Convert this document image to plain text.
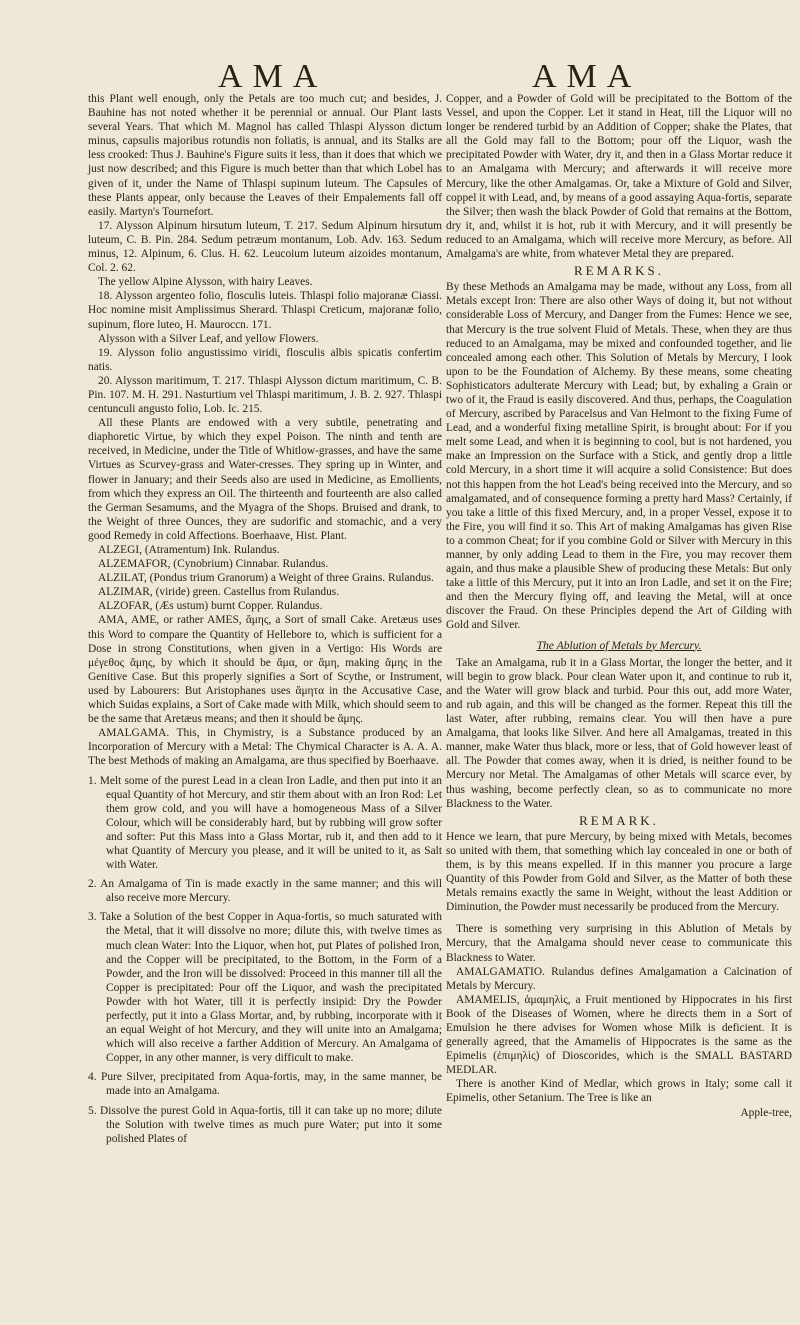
AMA	AMA

this Plant well enough, only the Petals are too much cut; and besides, J. Bauhine has not noted whether it be perennial or annual. Our Plant lasts several Years. That which M. Magnol has called Thlaspi Alysson dictum minus, capsulis majoribus rotundis non foliatis, is annual, and its Stalks are less crooked: Thus J. Bauhine's Figure suits it less, than it does that which we just now described; and this Figure is much better than that which Lobel has given of it, under the Name of Thlaspi supinum luteum. The Capsules of these Plants appear, only because the Leaves of their Empalements fall off easily. Martyn's Tournefort.

17. Alysson Alpinum hirsutum luteum, T. 217. Sedum Alpinum hirsutum luteum, C. B. Pin. 284. Sedum petræum montanum, Lob. Adv. 163. Sedum minus, 12. Alpinum, 6. Clus. H. 62. Leucoium luteum aizoides montanum, Col. 2. 62.

The yellow Alpine Alysson, with hairy Leaves.

18. Alysson argenteo folio, flosculis luteis. Thlaspi folio majoranæ Ciassi. Hoc nomine misit Amplissimus Sherard. Thlaspi Creticum, majoranæ folio, supinum, flore luteo, H. Mauroccn. 171.

Alysson with a Silver Leaf, and yellow Flowers.

19. Alysson folio angustissimo viridi, flosculis albis spicatis confertim natis.

20. Alysson maritimum, T. 217. Thlaspi Alysson dictum maritimum, C. B. Pin. 107. M. H. 291. Nasturtium vel Thlaspi maritimum, J. B. 2. 927. Thlaspi centunculi angusto folio, Lob. Ic. 215.

All these Plants are endowed with a very subtile, penetrating and diaphoretic Virtue, by which they expel Poison. The ninth and tenth are received, in Medicine, under the Title of Whitlow-grasses, and have the same Virtues as Scurvey-grass and Water-cresses. They spring up in Winter, and flower in January; and their Seeds also are used in Medicine, as Emollients, from which they express an Oil. The thirteenth and fourteenth are also called the German Sesamums, and the Myagra of the Shops. Bruised and drank, to the Weight of three Ounces, they are sudorific and stomachic, and a very good Remedy in cold Affections. Boerhaave, Hist. Plant.

ALZEGI, (Atramentum) Ink. Rulandus.

ALZEMAFOR, (Cynobrium) Cinnabar. Rulandus.

ALZILAT, (Pondus trium Granorum) a Weight of three Grains. Rulandus.

ALZIMAR, (viride) green. Castellus from Rulandus.

ALZOFAR, (Æs ustum) burnt Copper. Rulandus.

AMA, AME, or rather AMES, ἄμης, a Sort of small Cake. Aretæus uses this Word to compare the Quantity of Hellebore to, which is sufficient for a Dose in strong Constitutions, when given in a Vertigo: His Words are μέγεθος ἄμης, by which it should be ἄμα, or ἄμη, making ἄμης in the Genitive Case. But this properly signifies a Sort of Scythe, or Instrument, used by Labourers: But Aristophanes uses ἄμητα in the Accusative Case, which Suidas explains, a Sort of Cake made with Milk, which should seem to be the same that Aretæus means; and then it should be ἄμης.

AMALGAMA. This, in Chymistry, is a Substance produced by an Incorporation of Mercury with a Metal: The Chymical Character is A. A. A. The best Methods of making an Amalgama, are thus specified by Boerhaave.

1. Melt some of the purest Lead in a clean Iron Ladle, and then put into it an equal Quantity of hot Mercury, and stir them about with an Iron Rod: Let them grow cold, and you will have a homogeneous Mass of a Silver Colour, which will be considerably hard, but by rubbing will grow softer and softer: Put this Mass into a Glass Mortar, rub it, and then add to it what Quantity of Mercury you please, and it will be united to it, as Salt with Water.

2. An Amalgama of Tin is made exactly in the same manner; and this will also receive more Mercury.

3. Take a Solution of the best Copper in Aqua-fortis, so much saturated with the Metal, that it will dissolve no more; dilute this, with twelve times as much clean Water: Into the Liquor, when hot, put Plates of polished Iron, and the Copper will be precipitated, to the Bottom, in the Form of a Powder, and the Iron will be dissolved: Proceed in this manner till all the Copper is precipitated: Pour off the Liquor, and wash the precipitated Powder with hot Water, till it is perfectly insipid: Dry the Powder perfectly, put it into a Glass Mortar, and, by rubbing, incorporate with it an equal Weight of hot Mercury, and they will unite into an Amalgama; which will also receive a farther Addition of Mercury. An Amalgama of Copper, in any other manner, is very difficult to make.

4. Pure Silver, precipitated from Aqua-fortis, may, in the same manner, be made into an Amalgama.

5. Dissolve the purest Gold in Aqua-fortis, till it can take up no more; dilute the Solution with twelve times as much pure Water; put into it some polished Plates of

Copper, and a Powder of Gold will be precipitated to the Bottom of the Vessel, and upon the Copper. Let it stand in Heat, till the Liquor will no longer be rendered turbid by an Addition of Copper; shake the Plates, that all the Gold may fall to the Bottom; pour off the Liquor, wash the precipitated Powder with Water, dry it, and then in a Glass Mortar reduce it to an Amalgama with Mercury; and afterwards it will receive more Mercury, like the other Amalgamas. Or, take a Mixture of Gold and Silver, coppel it with Lead, and, by means of a good assaying Aqua-fortis, separate the Silver; then wash the black Powder of Gold that remains at the Bottom, dry it, and, whilst it is hot, rub it with Mercury, and it will presently be reduced to an Amalgama, which will receive more Mercury, as before. All Amalgama's are white, from whatever Metal they are prepared.

REMARKS.

By these Methods an Amalgama may be made, without any Loss, from all Metals except Iron: There are also other Ways of doing it, but not without considerable Loss of Mercury, and Danger from the Fumes: Hence we see, that Mercury is the true solvent Fluid of Metals. These, when they are thus reduced to an Amalgama, may be mixed and confounded together, and lie concealed among each other. This Solution of Metals by Mercury, I look upon to be the Foundation of Alchemy. By these means, some cheating Sophisticators adulterate Mercury with Lead; but, by exhaling a Grain or two of it, the Fraud is easily discovered. And thus, perhaps, the Coagulation of Mercury, ascribed by Paracelsus and Van Helmont to the fixing Fume of Lead, and a wonderful fixing metalline Spirit, is brought about: For if you melt some Lead, and when it is beginning to cool, but is not hardened, you make an Impression on the Surface with a Stick, and gently drop a little cold Mercury, in a short time it will acquire a solid Consistence: But does not this happen from the hot Lead's being received into the Mercury, and so amalgamated, and of consequence forming a pretty hard Mass? Certainly, if you take a little of this fixed Mercury, and, in a proper Vessel, expose it to the Fire, you will find it so. This Art of making Amalgamas has given Rise to a common Cheat; for if you combine Gold or Silver with Mercury in this manner, by only adding Lead to them in the Fire, you may recover them again, and thus make a plausible Shew of producing these Metals: But only take a little of this Mercury, put it into an Iron Ladle, and set it on the Fire; and then the Mercury flying off, and leaving the Metal, will at once discover the Fraud. On these Principles depend the Art of Gilding with Gold and Silver.

The Ablution of Metals by Mercury.

Take an Amalgama, rub it in a Glass Mortar, the longer the better, and it will begin to grow black. Pour clean Water upon it, and continue to rub it, and the Water will grow black and turbid. Pour this out, add more Water, and rub again, and this will be changed as the former. Repeat this till the last Water, after rubbing, remains clear. You will then have a pure Amalgama, that looks like Silver. And here all Amalgamas, treated in this manner, make Water thus black, more or less, that of Gold however least of all. The Powder that comes away, when it is dried, is neither found to be Mercury nor Metal. The Amalgamas of other Metals will scarce ever, by thus washing, become perfectly clean, so as to communicate no more Blackness to the Water.

REMARK.

Hence we learn, that pure Mercury, by being mixed with Metals, becomes so united with them, that something which lay concealed in one or both of them, is by this means expelled. If in this manner you procure a large Quantity of this Powder from Gold and Silver, as the Matter of both these Metals remains exactly the same in Weight, without the least Addition or Diminution, the Powder must necessarily be produced from the Mercury.

There is something very surprising in this Ablution of Metals by Mercury, that the Amalgama should never cease to communicate this Blackness to Water.

AMALGAMATIO. Rulandus defines Amalgamation a Calcination of Metals by Mercury.

AMAMELIS, ἀμαμηλὶς, a Fruit mentioned by Hippocrates in his first Book of the Diseases of Women, where he directs them in a Sort of Emulsion he there advises for Women whose Milk is deficient. It is generally agreed, that the Amamelis of Hippocrates is the same as the Epimelis (ἐπιμηλὶς) of Dioscorides, which is the SMALL BASTARD MEDLAR.

There is another Kind of Medlar, which grows in Italy; some call it Epimelis, other Setanium. The Tree is like an

Apple-tree,
